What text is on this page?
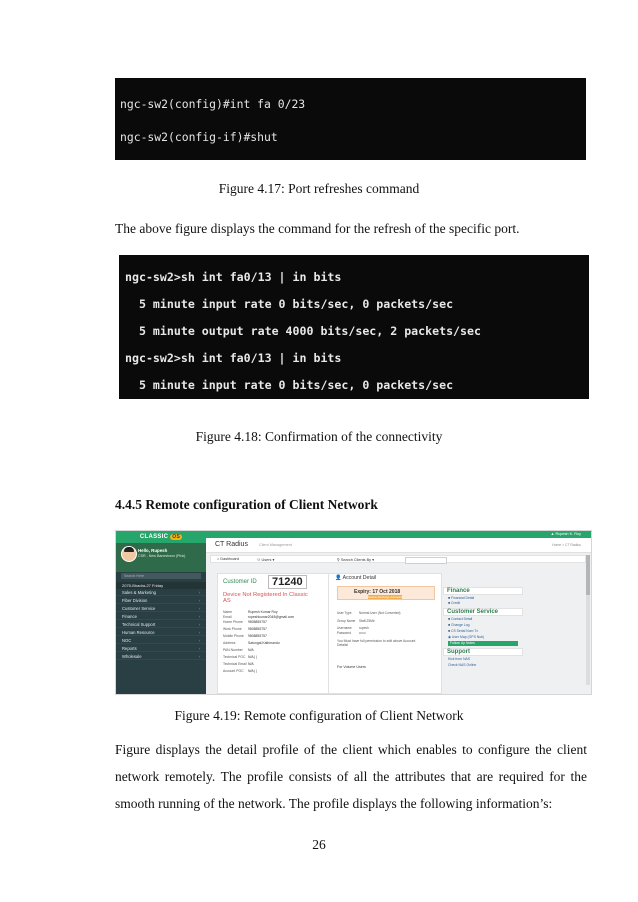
ngc-sw2(config)#int fa 0/23

ngc-sw2(config-if)#shut

Figure 4.17: Port refreshes command
The above figure displays the command for the refresh of the specific port.

ngc-sw2>sh int fa0/13 | in bits

5 minute input rate 0 bits/sec, 0 packets/sec

5 minute output rate 4000 bits/sec, 2 packets/sec

ngc-sw2>sh int fa0/13 | in bits

5 minute input rate 0 bits/sec, 0 packets/sec

Figure 4.18: Confirmation of the connectivity
4.4.5 Remote configuration of Client Network
CLASSIC OS
Hello, Rupesh
CSR - New Baneshwor (Pink)
Search Here
2075-Bhadra-27 Friday
Sales & Marketing	›
Fiber Division	›
Customer Service	›
Finance	›
Technical Support	›
Human Resource	›
NOC	›
Reports	›
Wholesale	›
▲ Rupesh K. Roy
CT Radius	Client Management	Home > CT Radius
⌂ Dashboard	⚇ Users ▾	⚲ Search Clients By ▾
Customer ID	71240
Device Not Registered In Classic AS
Name	Rupesh Kumar Roy
Email	rupeshkumar2048@gmail.com
Home Phone 9808855757
Work Phone 9808855757
Mobile Phone 9808855757
Address	Satungal,Kathmandu
PAN Number N/A
Technical POC N/A | |
Technical EmailN/A
Account POC N/A | |
👤 Account Detail
Expiry: 17 Oct 2018
Radius Recharge Activated
User Type Normal User (Not Converted)
Group Name Staff-25Mb
Username rupesh
Password	••••••
You Must have full permission to edit above Account Details!
For Volume Users
Finance
■ Financial Detail
■ Credit
Customer Service
■ Contact Detail
■ Change Log
■ CS Serial Num Tx
◉ User Map (GPS Nub)
Follow Up Notes
Support
Kick from NAS
Check NAS Online
Figure 4.19: Remote configuration of Client Network
Figure displays the detail profile of the client which enables to configure the client network remotely. The profile consists of all the attributes that are required for the smooth running of the network. The profile displays the following information’s:
26
